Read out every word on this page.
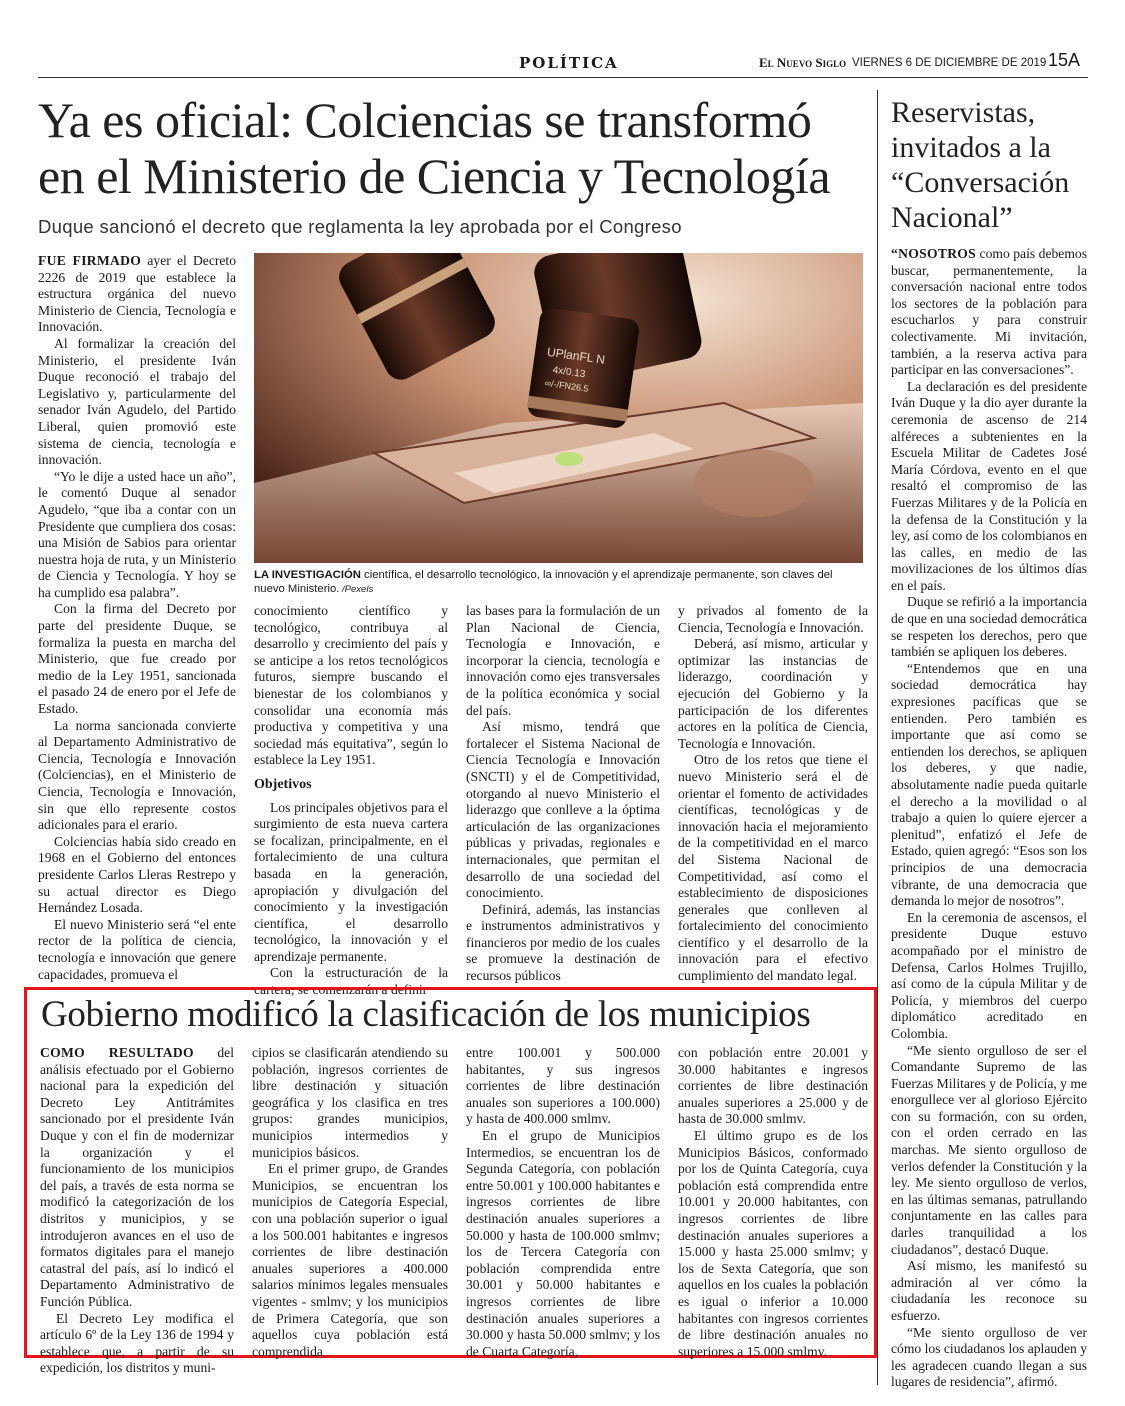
POLÍTICA	El Nuevo Siglo VIERNES 6 DE DICIEMBRE DE 2019 15A
Ya es oficial: Colciencias se transformó
en el Ministerio de Ciencia y Tecnología
Duque sancionó el decreto que reglamenta la ley aprobada por el Congreso

FUE FIRMADO ayer el Decreto 2226 de 2019 que establece la estructura orgánica del nuevo Ministerio de Ciencia, Tecnología e Innovación.

Al formalizar la creación del Ministerio, el presidente Iván Duque reconoció el trabajo del Legislativo y, particularmente del senador Iván Agudelo, del Partido Liberal, quien promovió este sistema de ciencia, tecnología e innovación.

“Yo le dije a usted hace un año”, le comentó Duque al senador Agudelo, “que iba a contar con un Presidente que cumpliera dos cosas: una Misión de Sabios para orientar nuestra hoja de ruta, y un Ministerio de Ciencia y Tecnología. Y hoy se ha cumplido esa palabra”.

Con la firma del Decreto por parte del presidente Duque, se formaliza la puesta en marcha del Ministerio, que fue creado por medio de la Ley 1951, sancionada el pasado 24 de enero por el Jefe de Estado.

La norma sancionada convierte al Departamento Administrativo de Ciencia, Tecnología e Innovación (Colciencias), en el Ministerio de Ciencia, Tecnología e Innovación, sin que ello represente costos adicionales para el erario.

Colciencias había sido creado en 1968 en el Gobierno del entonces presidente Carlos Lleras Restrepo y su actual director es Diego Hernández Losada.

El nuevo Ministerio será “el ente rector de la política de ciencia, tecnología e innovación que genere capacidades, promueva el

UPlanFL N
4x/0.13
∞/-/FN26.5
LA INVESTIGACIÓN científica, el desarrollo tecnológico, la innovación y el aprendizaje permanente, son claves del nuevo Ministerio. /Pexels

conocimiento científico y tecnológico, contribuya al desarrollo y crecimiento del país y se anticipe a los retos tecnológicos futuros, siempre buscando el bienestar de los colombianos y consolidar una economía más productiva y competitiva y una sociedad más equitativa”, según lo establece la Ley 1951.

Objetivos

Los principales objetivos para el surgimiento de esta nueva cartera se focalizan, principalmente, en el fortalecimiento de una cultura basada en la generación, apropiación y divulgación del conocimiento y la investigación científica, el desarrollo tecnológico, la innovación y el aprendizaje permanente.

Con la estructuración de la cartera, se comenzarán a definir

las bases para la formulación de un Plan Nacional de Ciencia, Tecnología e Innovación, e incorporar la ciencia, tecnología e innovación como ejes transversales de la política económica y social del país.

Así mismo, tendrá que fortalecer el Sistema Nacional de Ciencia Tecnología e Innovación (SNCTI) y el de Competitividad, otorgando al nuevo Ministerio el liderazgo que conlleve a la óptima articulación de las organizaciones públicas y privadas, regionales e internacionales, que permitan el desarrollo de una sociedad del conocimiento.

Definirá, además, las instancias e instrumentos administrativos y financieros por medio de los cuales se promueve la destinación de recursos públicos

y privados al fomento de la Ciencia, Tecnología e Innovación.

Deberá, así mismo, articular y optimizar las instancias de liderazgo, coordinación y ejecución del Gobierno y la participación de los diferentes actores en la política de Ciencia, Tecnología e Innovación.

Otro de los retos que tiene el nuevo Ministerio será el de orientar el fomento de actividades científicas, tecnológicas y de innovación hacia el mejoramiento de la competitividad en el marco del Sistema Nacional de Competitividad, así como el establecimiento de disposiciones generales que conlleven al fortalecimiento del conocimiento científico y el desarrollo de la innovación para el efectivo cumplimiento del mandato legal.

Reservistas, invitados a la “Conversación Nacional”

“NOSOTROS como país debemos buscar, permanentemente, la conversación nacional entre todos los sectores de la población para escucharlos y para construir colectivamente. Mi invitación, también, a la reserva activa para participar en las conversaciones”.

La declaración es del presidente Iván Duque y la dio ayer durante la ceremonia de ascenso de 214 alféreces a subtenientes en la Escuela Militar de Cadetes José María Córdova, evento en el que resaltó el compromiso de las Fuerzas Militares y de la Policía en la defensa de la Constitución y la ley, así como de los colombianos en las calles, en medio de las movilizaciones de los últimos días en el país.

Duque se refirió a la importancia de que en una sociedad democrática se respeten los derechos, pero que también se apliquen los deberes.

“Entendemos que en una sociedad democrática hay expresiones pacíficas que se entienden. Pero también es importante que así como se entienden los derechos, se apliquen los deberes, y que nadie, absolutamente nadie pueda quitarle el derecho a la movilidad o al trabajo a quien lo quiere ejercer a plenitud”, enfatizó el Jefe de Estado, quien agregó: “Esos son los principios de una democracia vibrante, de una democracia que demanda lo mejor de nosotros”.

En la ceremonia de ascensos, el presidente Duque estuvo acompañado por el ministro de Defensa, Carlos Holmes Trujillo, así como de la cúpula Militar y de Policía, y miembros del cuerpo diplomático acreditado en Colombia.

“Me siento orgulloso de ser el Comandante Supremo de las Fuerzas Militares y de Policía, y me enorgullece ver al glorioso Ejército con su formación, con su orden, con el orden cerrado en las marchas. Me siento orgulloso de verlos defender la Constitución y la ley. Me siento orgulloso de verlos, en las últimas semanas, patrullando conjuntamente en las calles para darles tranquilidad a los ciudadanos”, destacó Duque.

Así mismo, les manifestó su admiración al ver cómo la ciudadanía les reconoce su esfuerzo.

“Me siento orgulloso de ver cómo los ciudadanos los aplauden y les agradecen cuando llegan a sus lugares de residencia”, afirmó.

Gobierno modificó la clasificación de los municipios

COMO RESULTADO del análisis efectuado por el Gobierno nacional para la expedición del Decreto Ley Antitrámites sancionado por el presidente Iván Duque y con el fin de modernizar la organización y el funcionamiento de los municipios del país, a través de esta norma se modificó la categorización de los distritos y municipios, y se introdujeron avances en el uso de formatos digitales para el manejo catastral del país, así lo indicó el Departamento Administrativo de Función Pública.

El Decreto Ley modifica el artículo 6º de la Ley 136 de 1994 y establece que, a partir de su expedición, los distritos y muni-

cipios se clasificarán atendiendo su población, ingresos corrientes de libre destinación y situación geográfica y los clasifica en tres grupos: grandes municipios, municipios intermedios y municipios básicos.

En el primer grupo, de Grandes Municipios, se encuentran los municipios de Categoría Especial, con una población superior o igual a los 500.001 habitantes e ingresos corrientes de libre destinación anuales superiores a 400.000 salarios mínimos legales mensuales vigentes - smlmv; y los municipios de Primera Categoría, que son aquellos cuya población está comprendida

entre 100.001 y 500.000 habitantes, y sus ingresos corrientes de libre destinación anuales son superiores a 100.000) y hasta de 400.000 smlmv.

En el grupo de Municipios Intermedios, se encuentran los de Segunda Categoría, con población entre 50.001 y 100.000 habitantes e ingresos corrientes de libre destinación anuales superiores a 50.000 y hasta de 100.000 smlmv; los de Tercera Categoría con población comprendida entre 30.001 y 50.000 habitantes e ingresos corrientes de libre destinación anuales superiores a 30.000 y hasta 50.000 smlmv; y los de Cuarta Categoría,

con población entre 20.001 y 30.000 habitantes e ingresos corrientes de libre destinación anuales superiores a 25.000 y de hasta de 30.000 smlmv.

El último grupo es de los Municipios Básicos, conformado por los de Quinta Categoría, cuya población está comprendida entre 10.001 y 20.000 habitantes, con ingresos corrientes de libre destinación anuales superiores a 15.000 y hasta 25.000 smlmv; y los de Sexta Categoría, que son aquellos en los cuales la población es igual o inferior a 10.000 habitantes con ingresos corrientes de libre destinación anuales no superiores a 15.000 smlmv.
